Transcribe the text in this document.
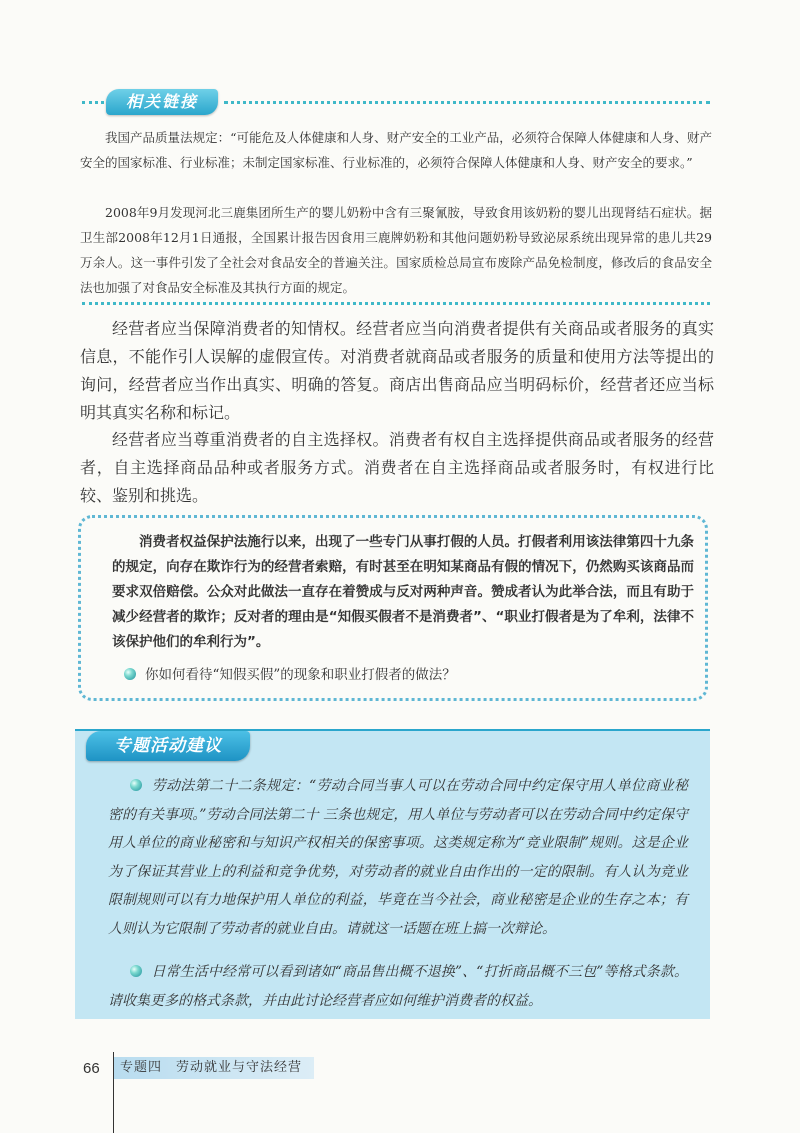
相关链接

我国产品质量法规定：“可能危及人体健康和人身、财产安全的工业产品，必须符合保障人体健康和人身、财产安全的国家标准、行业标准；未制定国家标准、行业标准的，必须符合保障人体健康和人身、财产安全的要求。”

2008年9月发现河北三鹿集团所生产的婴儿奶粉中含有三聚氰胺，导致食用该奶粉的婴儿出现肾结石症状。据卫生部2008年12月1日通报，全国累计报告因食用三鹿牌奶粉和其他问题奶粉导致泌尿系统出现异常的患儿共29万余人。这一事件引发了全社会对食品安全的普遍关注。国家质检总局宣布废除产品免检制度，修改后的食品安全法也加强了对食品安全标准及其执行方面的规定。

经营者应当保障消费者的知情权。经营者应当向消费者提供有关商品或者服务的真实信息，不能作引人误解的虚假宣传。对消费者就商品或者服务的质量和使用方法等提出的询问，经营者应当作出真实、明确的答复。商店出售商品应当明码标价，经营者还应当标明其真实名称和标记。

经营者应当尊重消费者的自主选择权。消费者有权自主选择提供商品或者服务的经营者，自主选择商品品种或者服务方式。消费者在自主选择商品或者服务时，有权进行比较、鉴别和挑选。

消费者权益保护法施行以来，出现了一些专门从事打假的人员。打假者利用该法律第四十九条的规定，向存在欺诈行为的经营者索赔，有时甚至在明知某商品有假的情况下，仍然购买该商品而要求双倍赔偿。公众对此做法一直存在着赞成与反对两种声音。赞成者认为此举合法，而且有助于减少经营者的欺诈；反对者的理由是“知假买假者不是消费者”、“职业打假者是为了牟利，法律不该保护他们的牟利行为”。

你如何看待“知假买假”的现象和职业打假者的做法？

专题活动建议

劳动法第二十二条规定：“劳动合同当事人可以在劳动合同中约定保守用人单位商业秘密的有关事项。”劳动合同法第二十 三条也规定，用人单位与劳动者可以在劳动合同中约定保守用人单位的商业秘密和与知识产权相关的保密事项。这类规定称为“竞业限制”规则。这是企业为了保证其营业上的利益和竞争优势，对劳动者的就业自由作出的一定的限制。有人认为竞业限制规则可以有力地保护用人单位的利益，毕竟在当今社会，商业秘密是企业的生存之本；有人则认为它限制了劳动者的就业自由。请就这一话题在班上搞一次辩论。

日常生活中经常可以看到诸如“商品售出概不退换”、“打折商品概不三包”等格式条款。请收集更多的格式条款，并由此讨论经营者应如何维护消费者的权益。

66	专题四　劳动就业与守法经营
